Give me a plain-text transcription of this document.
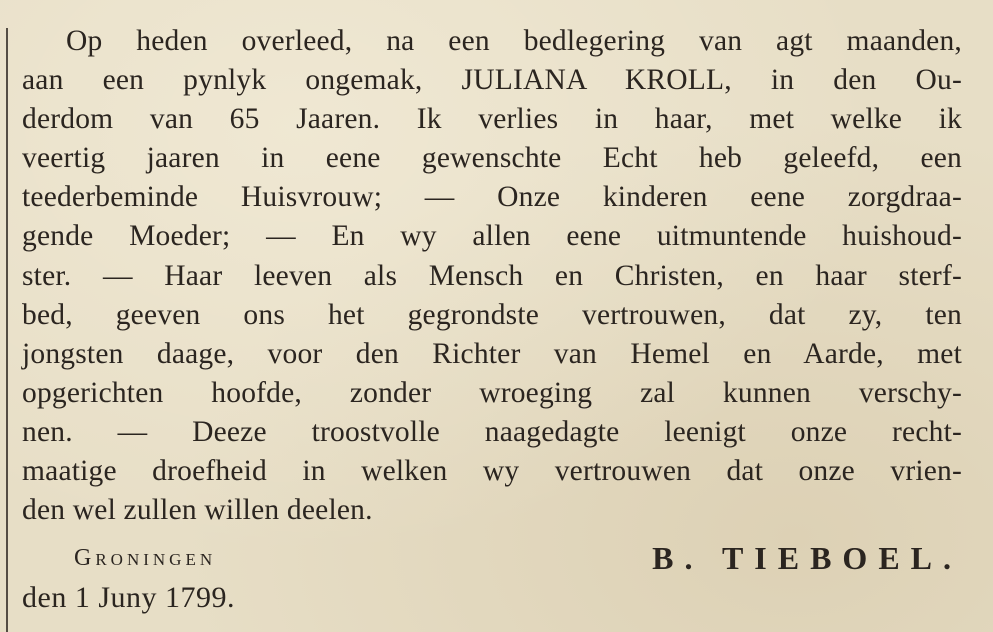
Op heden overleed, na een bedlegering van agt maanden,
aan een pynlyk ongemak, JULIANA KROLL, in den Ou-
derdom van 65 Jaaren. Ik verlies in haar, met welke ik
veertig jaaren in eene gewenschte Echt heb geleefd, een
teederbeminde Huisvrouw; — Onze kinderen eene zorgdraa-
gende Moeder; — En wy allen eene uitmuntende huishoud-
ster. — Haar leeven als Mensch en Christen, en haar sterf-
bed, geeven ons het gegrondste vertrouwen, dat zy, ten
jongsten daage, voor den Richter van Hemel en Aarde, met
opgerichten hoofde, zonder wroeging zal kunnen verschy-
nen. — Deeze troostvolle naagedagte leenigt onze recht-
maatige droefheid in welken wy vertrouwen dat onze vrien-
den wel zullen willen deelen.
Groningen	B. TIEBOEL.
den 1 Juny 1799.
